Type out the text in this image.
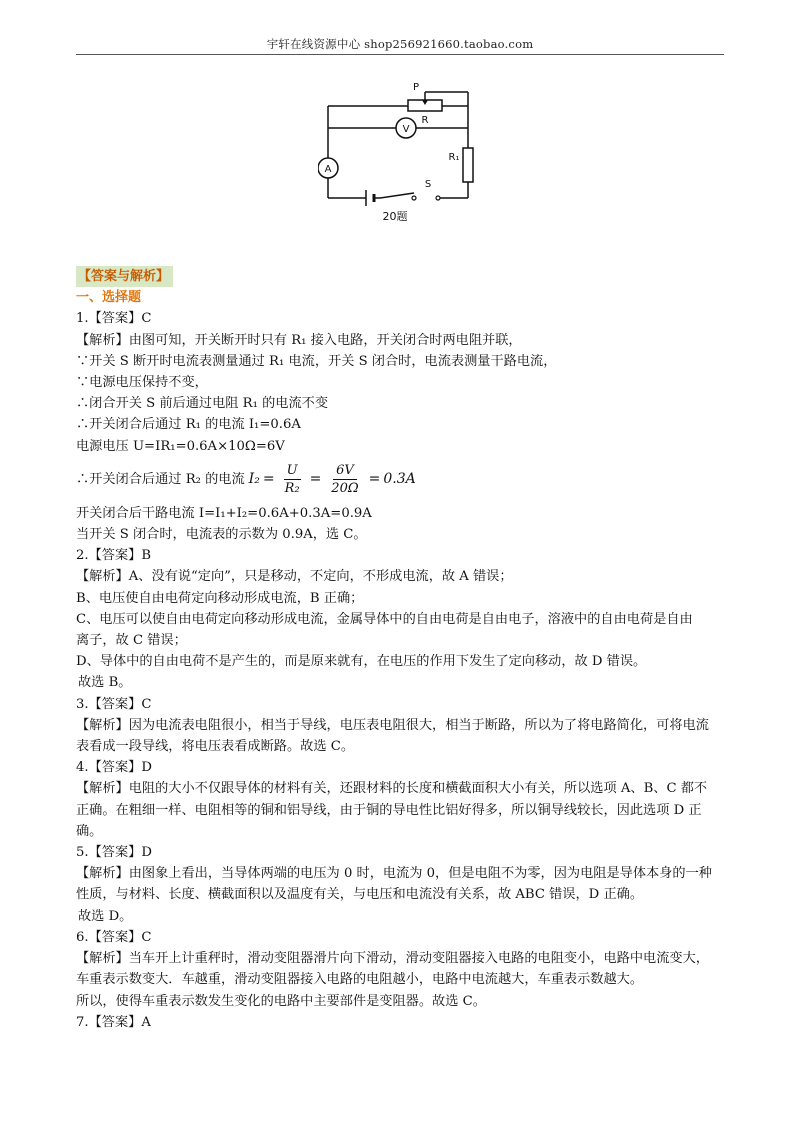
宇轩在线资源中心 shop256921660.taobao.com
P
R
V
A
R₁
S
20题
【答案与解析】
一、选择题
1.【答案】C
【解析】由图可知，开关断开时只有 R₁ 接入电路，开关闭合时两电阻并联，
∵开关 S 断开时电流表测量通过 R₁ 电流，开关 S 闭合时，电流表测量干路电流，
∵电源电压保持不变，
∴闭合开关 S 前后通过电阻 R₁ 的电流不变
∴开关闭合后通过 R₁ 的电流 I₁=0.6A
电源电压 U=IR₁=0.6A×10Ω=6V
∴开关闭合后通过 R₂ 的电流 $I_2 = \frac{U}{\text{R₂}} = \frac{6V}{20\Omega} = 0.3A$
开关闭合后干路电流 I=I₁+I₂=0.6A+0.3A=0.9A
当开关 S 闭合时，电流表的示数为 0.9A，选 C。
2.【答案】B
【解析】A、没有说“定向”，只是移动，不定向，不形成电流，故 A 错误；
B、电压使自由电荷定向移动形成电流，B 正确；
C、电压可以使自由电荷定向移动形成电流，金属导体中的自由电荷是自由电子，溶液中的自由电荷是自由
离子，故 C 错误；
D、导体中的自由电荷不是产生的，而是原来就有，在电压的作用下发生了定向移动，故 D 错误。
故选 B。
3.【答案】C
【解析】因为电流表电阻很小，相当于导线，电压表电阻很大，相当于断路，所以为了将电路简化，可将电流
表看成一段导线，将电压表看成断路。故选 C。
4.【答案】D
【解析】电阻的大小不仅跟导体的材料有关，还跟材料的长度和横截面积大小有关，所以选项 A、B、C 都不
正确。在粗细一样、电阻相等的铜和铝导线，由于铜的导电性比铝好得多，所以铜导线较长，因此选项 D 正
确。
5.【答案】D
【解析】由图象上看出，当导体两端的电压为 0 时，电流为 0，但是电阻不为零，因为电阻是导体本身的一种
性质，与材料、长度、横截面积以及温度有关，与电压和电流没有关系，故 ABC 错误，D 正确。
故选 D。
6.【答案】C
【解析】当车开上计重秤时，滑动变阻器滑片向下滑动，滑动变阻器接入电路的电阻变小，电路中电流变大，
车重表示数变大．车越重，滑动变阻器接入电路的电阻越小，电路中电流越大，车重表示数越大。
所以，使得车重表示数发生变化的电路中主要部件是变阻器。故选 C。
7.【答案】A
